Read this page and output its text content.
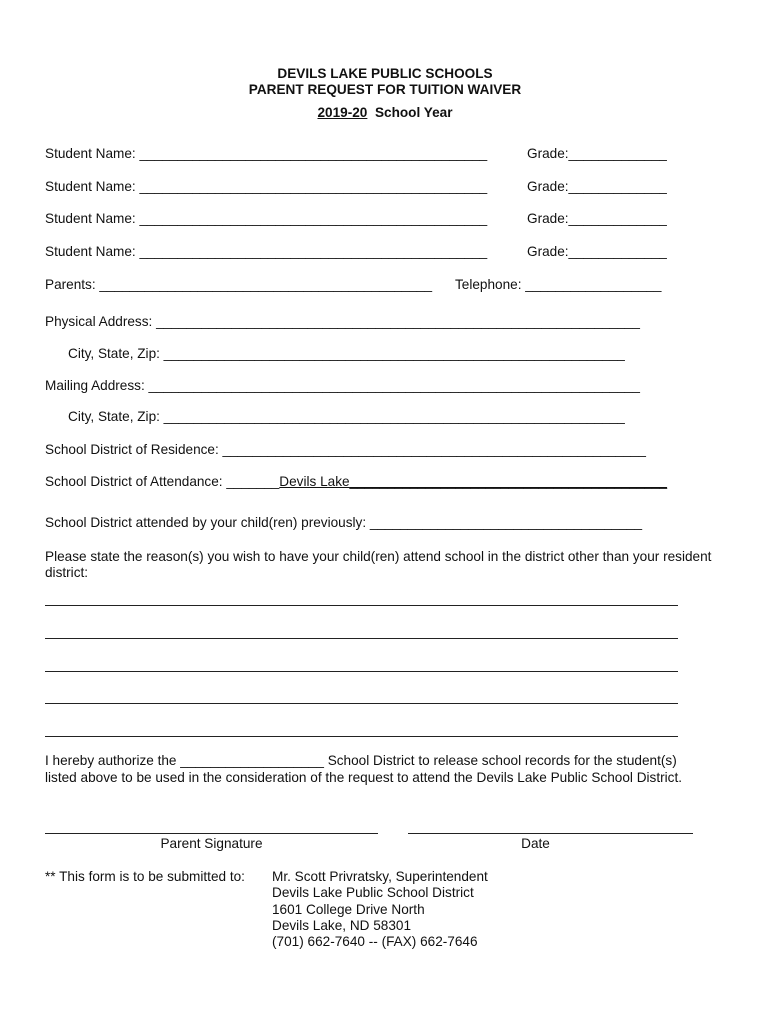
DEVILS LAKE PUBLIC SCHOOLS
PARENT REQUEST FOR TUITION WAIVER
2019-20 School Year
Student Name: ______________________________________________	Grade:_____________
Student Name: ______________________________________________	Grade:_____________
Student Name: ______________________________________________	Grade:_____________
Student Name: ______________________________________________	Grade:_____________
Parents: ____________________________________________ Telephone: __________________
Physical Address: ________________________________________________________________
City, State, Zip: _____________________________________________________________
Mailing Address: _________________________________________________________________
City, State, Zip: _____________________________________________________________
School District of Residence: ________________________________________________________
School District of Attendance: _______Devils Lake__________________________________________
School District attended by your child(ren) previously: ____________________________________
Please state the reason(s) you wish to have your child(ren) attend school in the district other than your resident district:
I hereby authorize the ___________________ School District to release school records for the student(s)
listed above to be used in the consideration of the request to attend the Devils Lake Public School District.
Parent Signature	Date
** This form is to be submitted to: Mr. Scott Privratsky, Superintendent
Devils Lake Public School District
1601 College Drive North
Devils Lake, ND 58301
(701) 662-7640 -- (FAX) 662-7646
